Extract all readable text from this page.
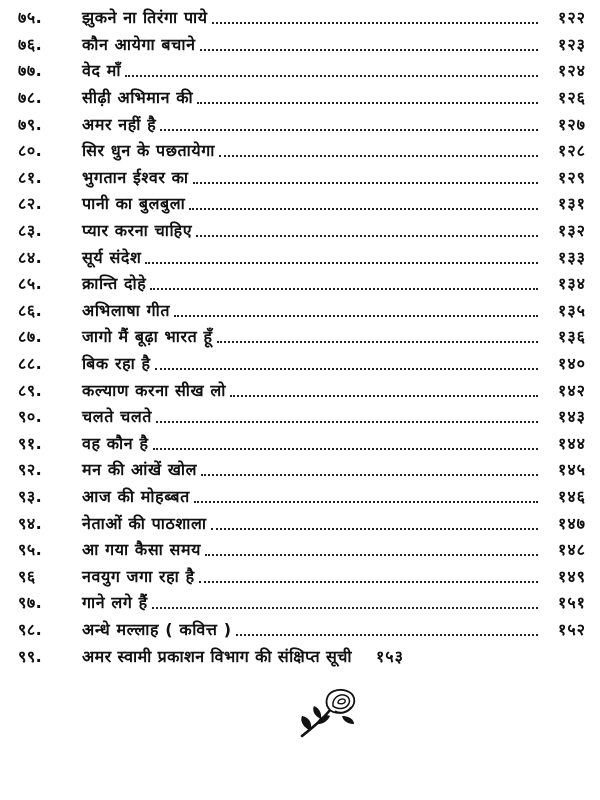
७५.	झुकने ना तिरंगा पाये	१२२
७६.	कौन आयेगा बचाने	१२३
७७.	वेद माँ	१२४
७८.	सीढ़ी अभिमान की	१२६
७९.	अमर नहीं है	१२७
८०.	सिर धुन के पछतायेगा	१२८
८१.	भुगतान ईश्वर का	१२९
८२.	पानी का बुलबुला	१३१
८३.	प्यार करना चाहिए	१३२
८४.	सूर्य संदेश	१३३
८५.	क्रान्ति दोहे	१३४
८६.	अभिलाषा गीत	१३५
८७.	जागो मैं बूढ़ा भारत हूँ	१३६
८८.	बिक रहा है	१४०
८९.	कल्याण करना सीख लो	१४२
९०.	चलते चलते	१४३
९१.	वह कौन है	१४४
९२.	मन की आंखें खोल	१४५
९३.	आज की मोहब्बत	१४६
९४.	नेताओं की पाठशाला	१४७
९५.	आ गया कैसा समय	१४८
९६	नवयुग जगा रहा है	१४९
९७.	गाने लगे हैं	१५१
९८.	अन्धे मल्लाह ( कवित्त )	१५२
९९.	अमर स्वामी प्रकाशन विभाग की संक्षिप्त सूची	१५३
